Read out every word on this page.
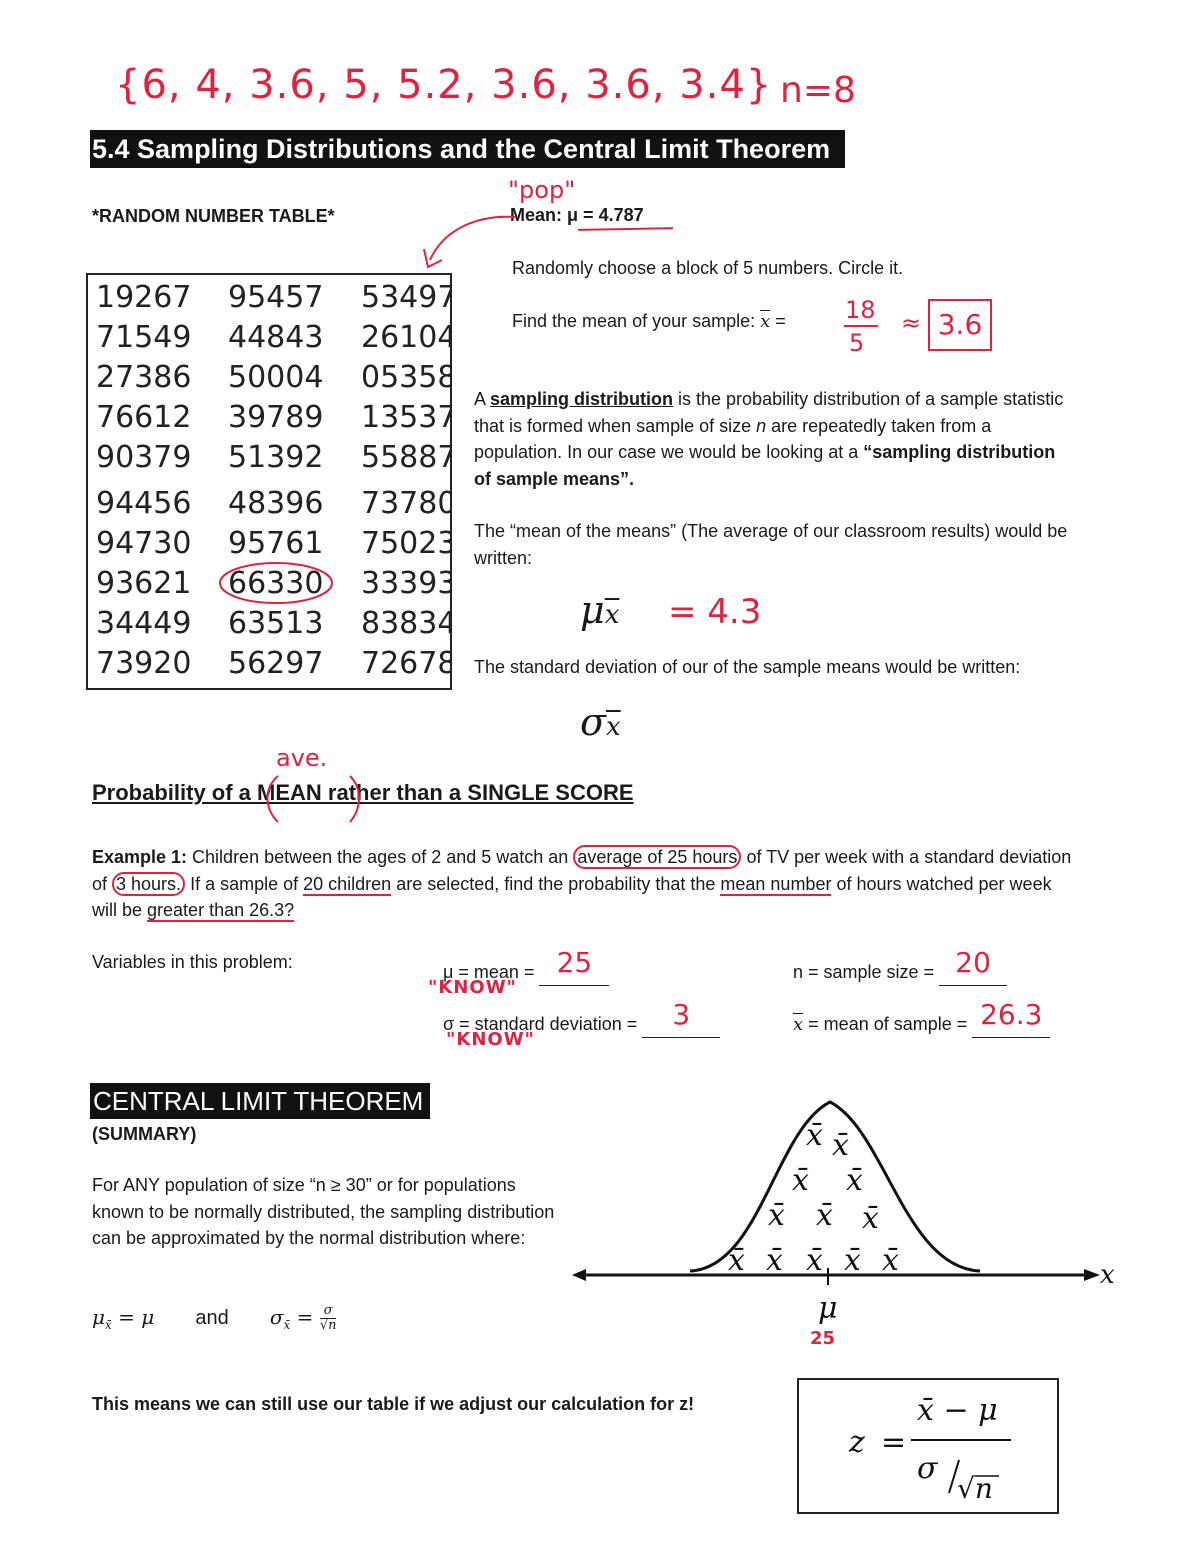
{6, 4, 3.6, 5, 5.2, 3.6, 3.6, 3.4} n=8
5.4 Sampling Distributions and the Central Limit Theorem
*RANDOM NUMBER TABLE*
"pop"
Mean: μ = 4.787
19267 95457 53497
71549 44843 26104
27386 50004 05358
76612 39789 13537
90379 51392 55887
94456 48396 73780
94730 95761 75023
93621 66330 33393
34449 63513 83834
73920 56297 72678
Randomly choose a block of 5 numbers. Circle it.
Find the mean of your sample: $\overline{x} = 18$
5
≈ 3.6
A sampling distribution is the probability distribution of a sample statistic that is formed when sample of size n are repeatedly taken from a population. In our case we would be looking at a “sampling distribution of sample means”.
The “mean of the means” (The average of our classroom results) would be written:
$\mu\overline{x} = 4.3$
The standard deviation of our of the sample means would be written:
$\sigma\overline{x}$
ave.
Probability of a MEAN rather than a SINGLE SCORE
Example 1: Children between the ages of 2 and 5 watch an average of 25 hours of TV per week with a standard deviation of 3 hours. If a sample of 20 children are selected, find the probability that the mean number of hours watched per week will be greater than 26.3?
Variables in this problem:	μ = mean = 25
"KNOW"
σ = standard deviation = 3
"KNOW"
n = sample size = 20
$\overline{x}$ = mean of sample = 26.3
CENTRAL LIMIT THEOREM
(SUMMARY)
For ANY population of size “n ≥ 30” or for populations known to be normally distributed, the sampling distribution can be approximated by the normal distribution where:
$\mu_{x̄} = \mu$ and $\sigma_{x̄} = \frac{\sigma}{√n}$
x̄ x̄
x̄ x̄
x̄ x̄ x̄
x̄ x̄ x̄ x̄ x̄	x
μ
25
This means we can still use our table if we adjust our calculation for z!
z =
x̄ − μ
σ
√n
